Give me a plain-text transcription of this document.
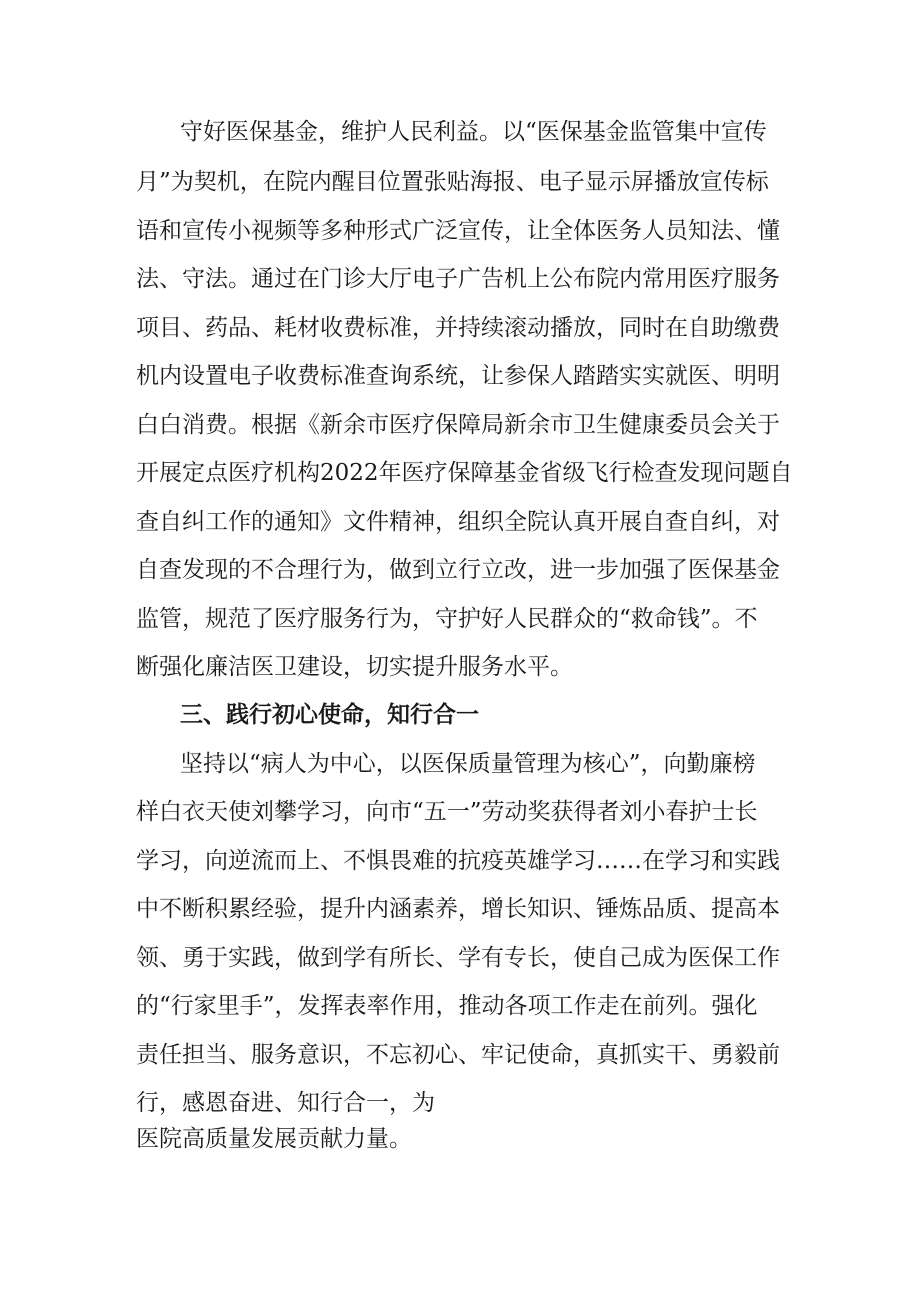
守好医保基金，维护人民利益。以“医保基金监管集中宣传
月”为契机，在院内醒目位置张贴海报、电子显示屏播放宣传标
语和宣传小视频等多种形式广泛宣传，让全体医务人员知法、懂
法、守法。通过在门诊大厅电子广告机上公布院内常用医疗服务
项目、药品、耗材收费标准，并持续滚动播放，同时在自助缴费
机内设置电子收费标准查询系统，让参保人踏踏实实就医、明明
白白消费。根据《新余市医疗保障局新余市卫生健康委员会关于
开展定点医疗机构2022年医疗保障基金省级飞行检查发现问题自
查自纠工作的通知》文件精神，组织全院认真开展自查自纠，对
自查发现的不合理行为，做到立行立改，进一步加强了医保基金
监管，规范了医疗服务行为，守护好人民群众的“救命钱”。不
断强化廉洁医卫建设，切实提升服务水平。
三、践行初心使命，知行合一
坚持以“病人为中心，以医保质量管理为核心”，向勤廉榜
样白衣天使刘攀学习，向市“五一”劳动奖获得者刘小春护士长
学习，向逆流而上、不惧畏难的抗疫英雄学习……在学习和实践
中不断积累经验，提升内涵素养，增长知识、锤炼品质、提高本
领、勇于实践，做到学有所长、学有专长，使自己成为医保工作
的“行家里手”，发挥表率作用，推动各项工作走在前列。强化
责任担当、服务意识，不忘初心、牢记使命，真抓实干、勇毅前
行，感恩奋进、知行合一，为
医院高质量发展贡献力量。
